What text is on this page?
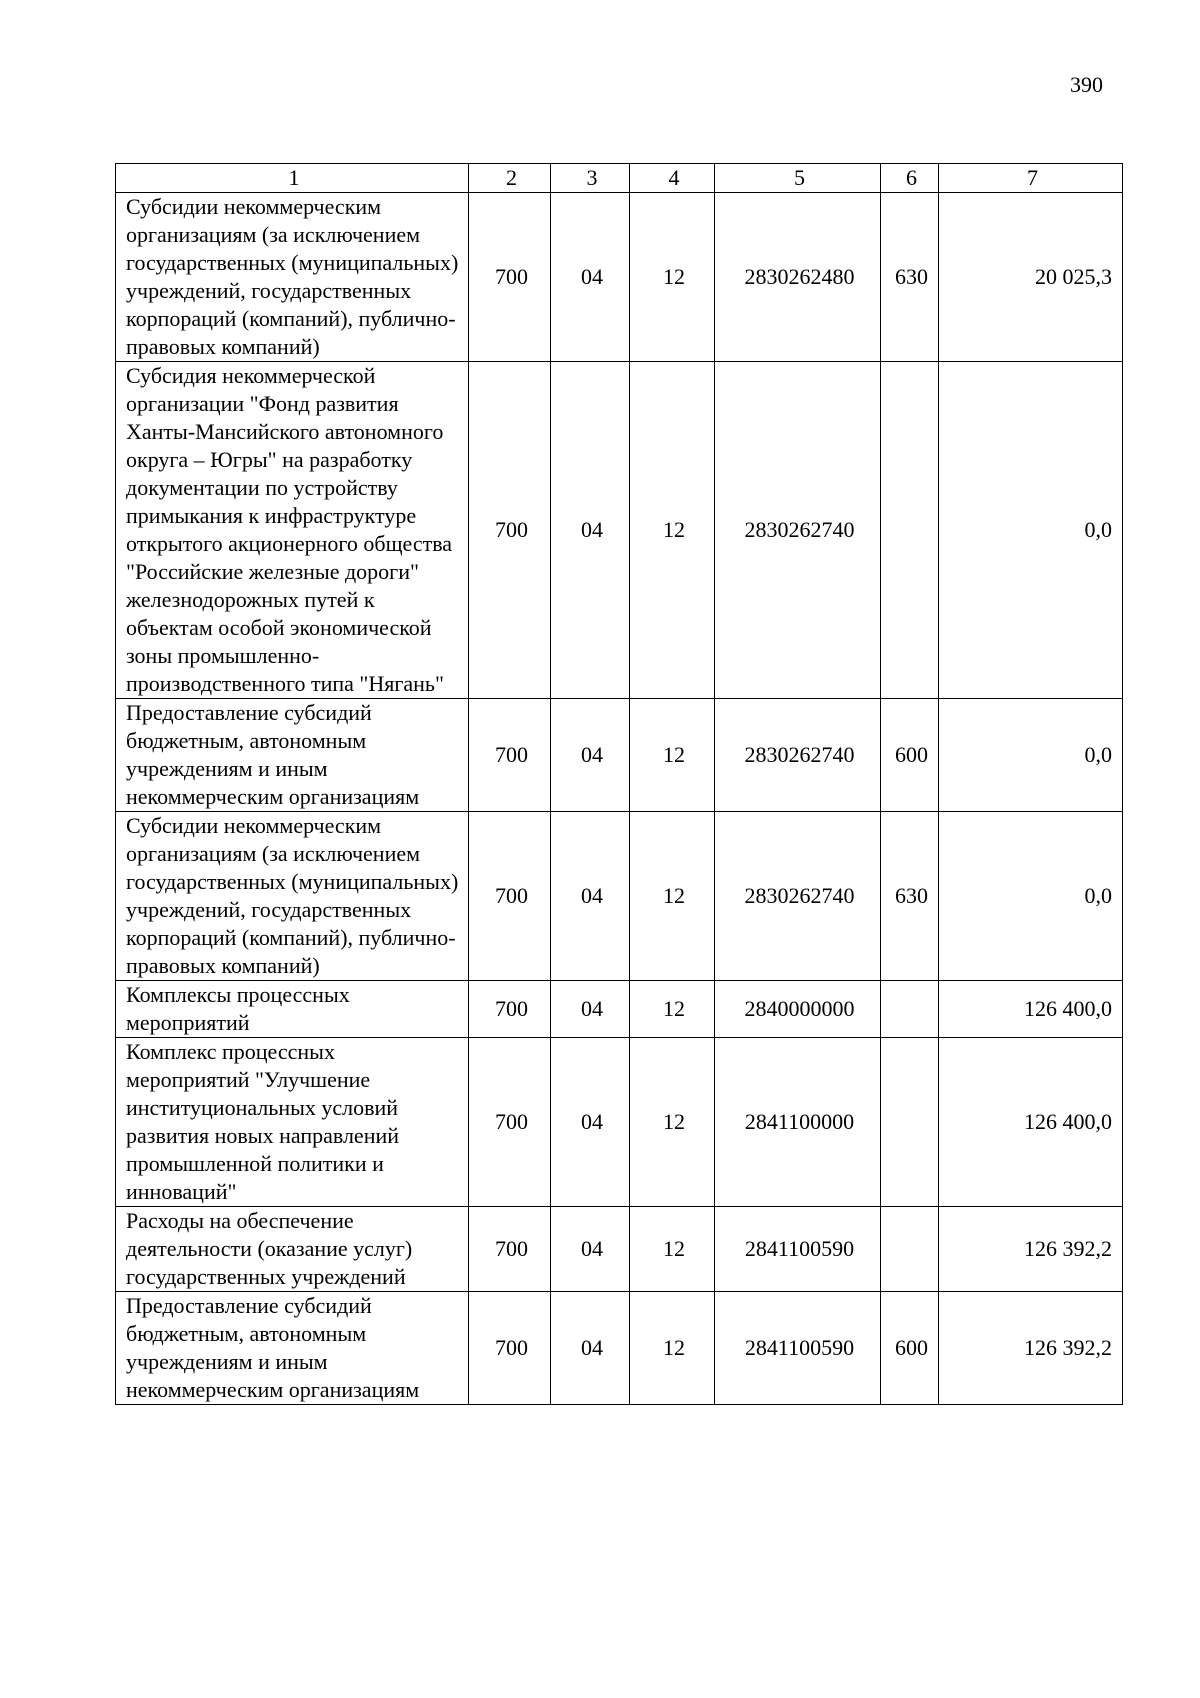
390
1	2	3	4	5	6	7
Субсидии некоммерческим организациям (за исключением государственных (муниципальных) учреждений, государственных корпораций (компаний), публично-правовых компаний)	700	04	12	2830262480	630	20 025,3
Субсидия некоммерческой организации "Фонд развития Ханты-Мансийского автономного округа – Югры" на разработку документации по устройству примыкания к инфраструктуре открытого акционерного общества "Российские железные дороги" железнодорожных путей к объектам особой экономической зоны промышленно-производственного типа "Нягань"	700	04	12	2830262740		0,0
Предоставление субсидий бюджетным, автономным учреждениям и иным некоммерческим организациям	700	04	12	2830262740	600	0,0
Субсидии некоммерческим организациям (за исключением государственных (муниципальных) учреждений, государственных корпораций (компаний), публично-правовых компаний)	700	04	12	2830262740	630	0,0
Комплексы процессных мероприятий	700	04	12	2840000000		126 400,0
Комплекс процессных мероприятий "Улучшение институциональных условий развития новых направлений промышленной политики и инноваций"	700	04	12	2841100000		126 400,0
Расходы на обеспечение деятельности (оказание услуг) государственных учреждений	700	04	12	2841100590		126 392,2
Предоставление субсидий бюджетным, автономным учреждениям и иным некоммерческим организациям	700	04	12	2841100590	600	126 392,2
